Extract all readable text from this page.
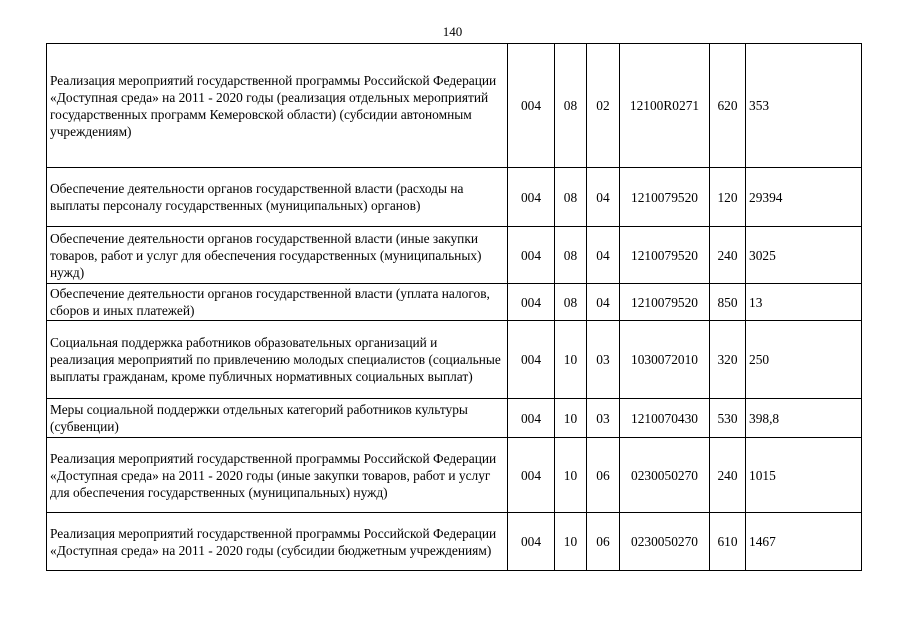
140
Реализация мероприятий государственной программы Российской Федерации «Доступная среда» на 2011 - 2020 годы (реализация отдельных мероприятий государственных программ Кемеровской области) (субсидии автономным учреждениям)	004	08	02	12100R0271	620	353
Обеспечение деятельности органов государственной власти (расходы на выплаты персоналу государственных (муниципальных) органов)	004	08	04	1210079520	120	29394
Обеспечение деятельности органов государственной власти (иные закупки товаров, работ и услуг для обеспечения государственных (муниципальных) нужд)	004	08	04	1210079520	240	3025
Обеспечение деятельности органов государственной власти (уплата налогов, сборов и иных платежей)	004	08	04	1210079520	850	13
Социальная поддержка работников образовательных организаций и реализация мероприятий по привлечению молодых специалистов (социальные выплаты гражданам, кроме публичных нормативных социальных выплат)	004	10	03	1030072010	320	250
Меры социальной поддержки отдельных категорий работников культуры (субвенции)	004	10	03	1210070430	530	398,8
Реализация мероприятий государственной программы Российской Федерации «Доступная среда» на 2011 - 2020 годы (иные закупки товаров, работ и услуг для обеспечения государственных (муниципальных) нужд)	004	10	06	0230050270	240	1015
Реализация мероприятий государственной программы Российской Федерации «Доступная среда» на 2011 - 2020 годы (субсидии бюджетным учреждениям)	004	10	06	0230050270	610	1467
